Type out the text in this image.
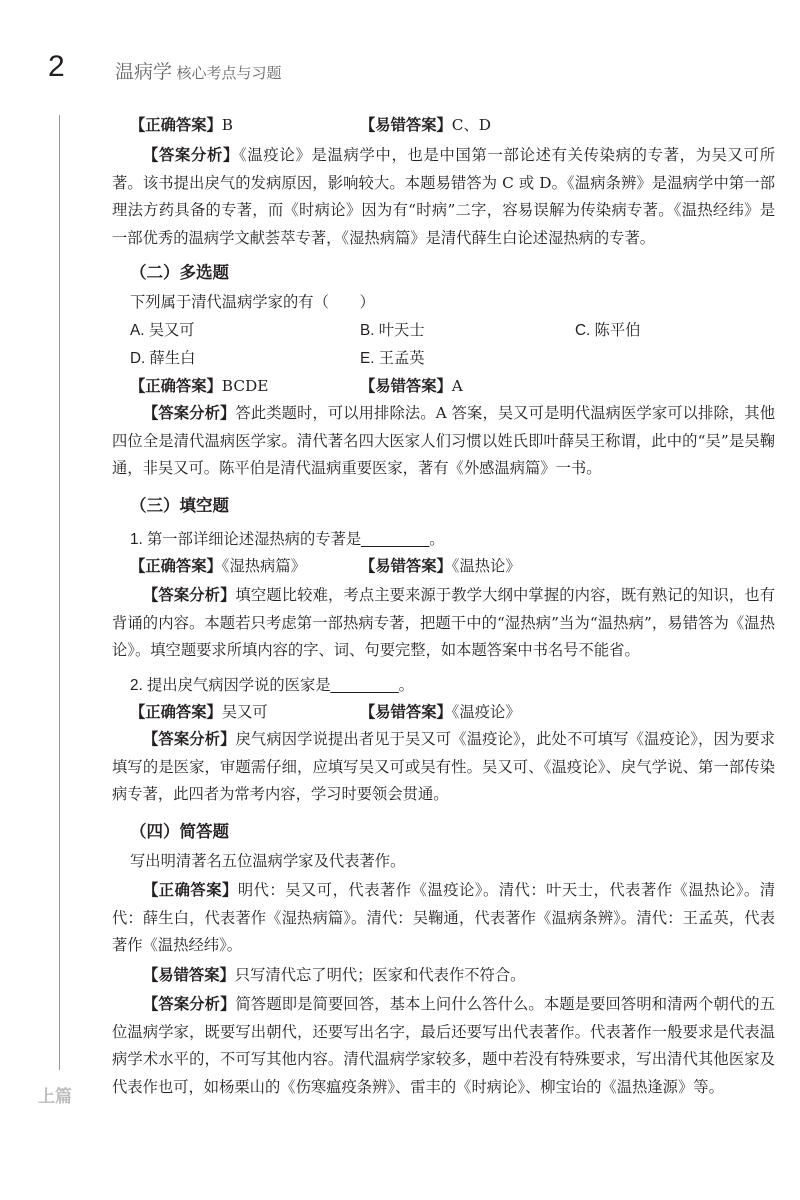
2	温病学 核心考点与习题
上篇
【正确答案】B	【易错答案】C、D
【答案分析】《温疫论》是温病学中，也是中国第一部论述有关传染病的专著，为吴又可所著。该书提出戾气的发病原因，影响较大。本题易错答为 C 或 D。《温病条辨》是温病学中第一部理法方药具备的专著，而《时病论》因为有“时病”二字，容易误解为传染病专著。《温热经纬》是一部优秀的温病学文献荟萃专著，《湿热病篇》是清代薛生白论述湿热病的专著。
（二）多选题
下列属于清代温病学家的有（　　）
A. 吴又可	B. 叶天士	C. 陈平伯
D. 薛生白	E. 王孟英
【正确答案】BCDE	【易错答案】A
【答案分析】答此类题时，可以用排除法。A 答案，吴又可是明代温病医学家可以排除，其他四位全是清代温病医学家。清代著名四大医家人们习惯以姓氏即叶薛吴王称谓，此中的“吴”是吴鞠通，非吴又可。陈平伯是清代温病重要医家，著有《外感温病篇》一书。
（三）填空题
1. 第一部详细论述湿热病的专著是________。
【正确答案】《湿热病篇》	【易错答案】《温热论》
【答案分析】填空题比较难，考点主要来源于教学大纲中掌握的内容，既有熟记的知识，也有背诵的内容。本题若只考虑第一部热病专著，把题干中的“湿热病”当为“温热病”，易错答为《温热论》。填空题要求所填内容的字、词、句要完整，如本题答案中书名号不能省。
2. 提出戾气病因学说的医家是________。
【正确答案】吴又可	【易错答案】《温疫论》
【答案分析】戾气病因学说提出者见于吴又可《温疫论》，此处不可填写《温疫论》，因为要求填写的是医家，审题需仔细，应填写吴又可或吴有性。吴又可、《温疫论》、戾气学说、第一部传染病专著，此四者为常考内容，学习时要领会贯通。
（四）简答题
写出明清著名五位温病学家及代表著作。
【正确答案】明代：吴又可，代表著作《温疫论》。清代：叶天士，代表著作《温热论》。清代：薛生白，代表著作《湿热病篇》。清代：吴鞠通，代表著作《温病条辨》。清代：王孟英，代表著作《温热经纬》。
【易错答案】只写清代忘了明代；医家和代表作不符合。
【答案分析】简答题即是简要回答，基本上问什么答什么。本题是要回答明和清两个朝代的五位温病学家，既要写出朝代，还要写出名字，最后还要写出代表著作。代表著作一般要求是代表温病学术水平的，不可写其他内容。清代温病学家较多，题中若没有特殊要求，写出清代其他医家及代表作也可，如杨栗山的《伤寒瘟疫条辨》、雷丰的《时病论》、柳宝诒的《温热逢源》等。
